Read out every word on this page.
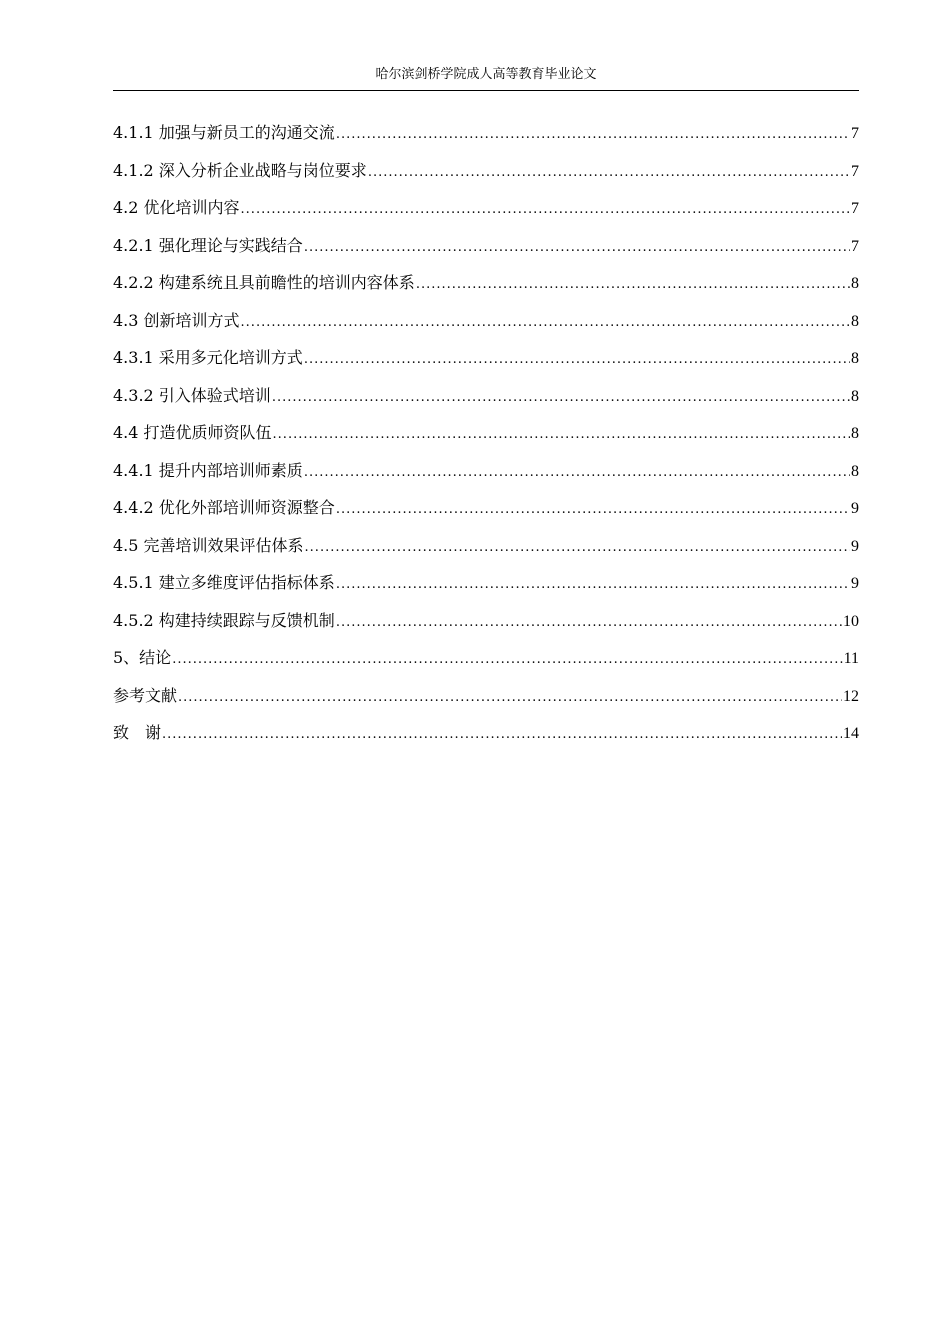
哈尔滨剑桥学院成人高等教育毕业论文
4.1.1 加强与新员工的沟通交流 .....	7
4.1.2 深入分析企业战略与岗位要求 .....	7
4.2 优化培训内容 .....	7
4.2.1 强化理论与实践结合 .....	7
4.2.2 构建系统且具前瞻性的培训内容体系 .....	8
4.3 创新培训方式 .....	8
4.3.1 采用多元化培训方式 .....	8
4.3.2 引入体验式培训 .....	8
4.4 打造优质师资队伍 .....	8
4.4.1 提升内部培训师素质 .....	8
4.4.2 优化外部培训师资源整合 .....	9
4.5 完善培训效果评估体系 .....	9
4.5.1 建立多维度评估指标体系 .....	9
4.5.2 构建持续跟踪与反馈机制 .....	10
5、结论 .....	11
参考文献 .....	12
致　谢 .....	14
